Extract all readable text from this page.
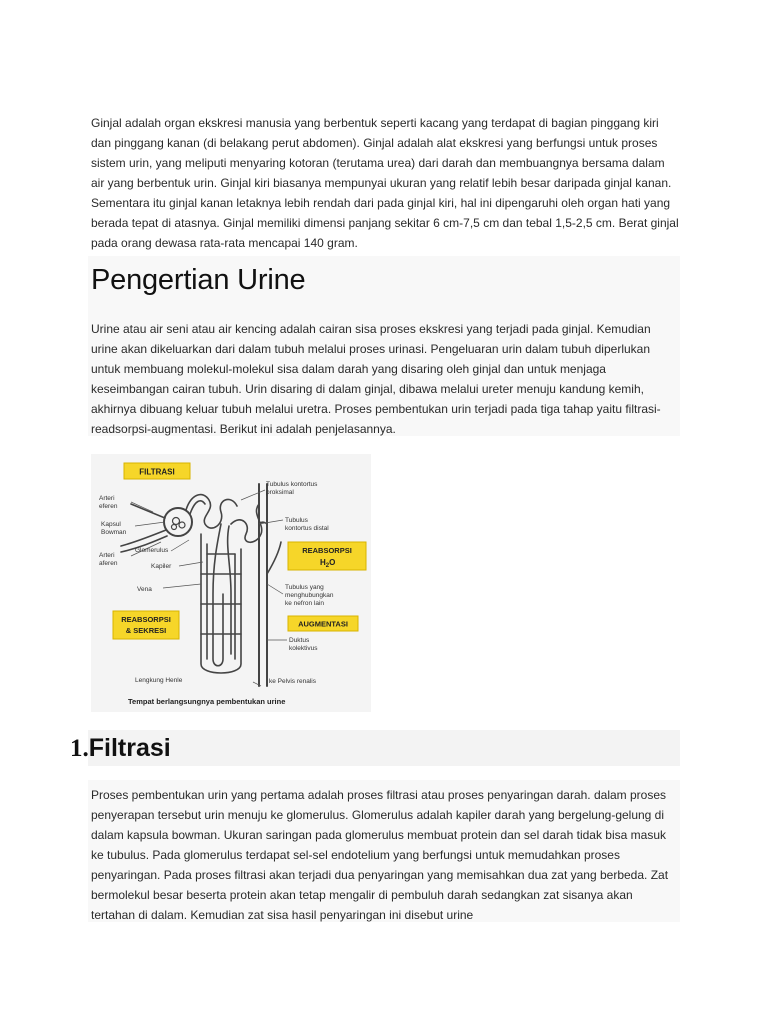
Ginjal adalah organ ekskresi manusia yang berbentuk seperti kacang yang terdapat di bagian pinggang kiri dan pinggang kanan (di belakang perut abdomen). Ginjal adalah alat ekskresi yang berfungsi untuk proses sistem urin, yang meliputi menyaring kotoran (terutama urea) dari darah dan membuangnya bersama dalam air yang berbentuk urin. Ginjal kiri biasanya mempunyai ukuran yang relatif lebih besar daripada ginjal kanan. Sementara itu ginjal kanan letaknya lebih rendah dari pada ginjal kiri, hal ini dipengaruhi oleh organ hati yang berada tepat di atasnya. Ginjal memiliki dimensi panjang sekitar 6 cm-7,5 cm dan tebal 1,5-2,5 cm. Berat ginjal pada orang dewasa rata-rata mencapai 140 gram.

Pengertian Urine

Urine atau air seni atau air kencing adalah cairan sisa proses ekskresi yang terjadi pada ginjal. Kemudian urine akan dikeluarkan dari dalam tubuh melalui proses urinasi. Pengeluaran urin dalam tubuh diperlukan untuk membuang molekul-molekul sisa dalam darah yang disaring oleh ginjal dan untuk menjaga keseimbangan cairan tubuh. Urin disaring di dalam ginjal, dibawa melalui ureter menuju kandung kemih, akhirnya dibuang keluar tubuh melalui uretra. Proses pembentukan urin terjadi pada tiga tahap yaitu filtrasi-readsorpsi-augmentasi. Berikut ini adalah penjelasannya.

FILTRASI
REABSORPSI
$H_2O$
REABSORPSI
& SEKRESI
AUGMENTASI
Arteri
eferen
Kapsul
Bowman
Arteri
aferen
Glomerulus
Kapiler
Vena
Tubulus kontortus
proksimal
Tubulus
kontortus distal
Tubulus yang
menghubungkan
ke nefron lain
Duktus
kolektivus
Lengkung Henle	ke Pelvis renalis
Tempat berlangsungnya pembentukan urine
1.Filtrasi

Proses pembentukan urin yang pertama adalah proses filtrasi atau proses penyaringan darah. dalam proses penyerapan tersebut urin menuju ke glomerulus. Glomerulus adalah kapiler darah yang bergelung-gelung di dalam kapsula bowman. Ukuran saringan pada glomerulus membuat protein dan sel darah tidak bisa masuk ke tubulus. Pada glomerulus terdapat sel-sel endotelium yang berfungsi untuk memudahkan proses penyaringan. Pada proses filtrasi akan terjadi dua penyaringan yang memisahkan dua zat yang berbeda. Zat bermolekul besar beserta protein akan tetap mengalir di pembuluh darah sedangkan zat sisanya akan tertahan di dalam. Kemudian zat sisa hasil penyaringan ini disebut urine
